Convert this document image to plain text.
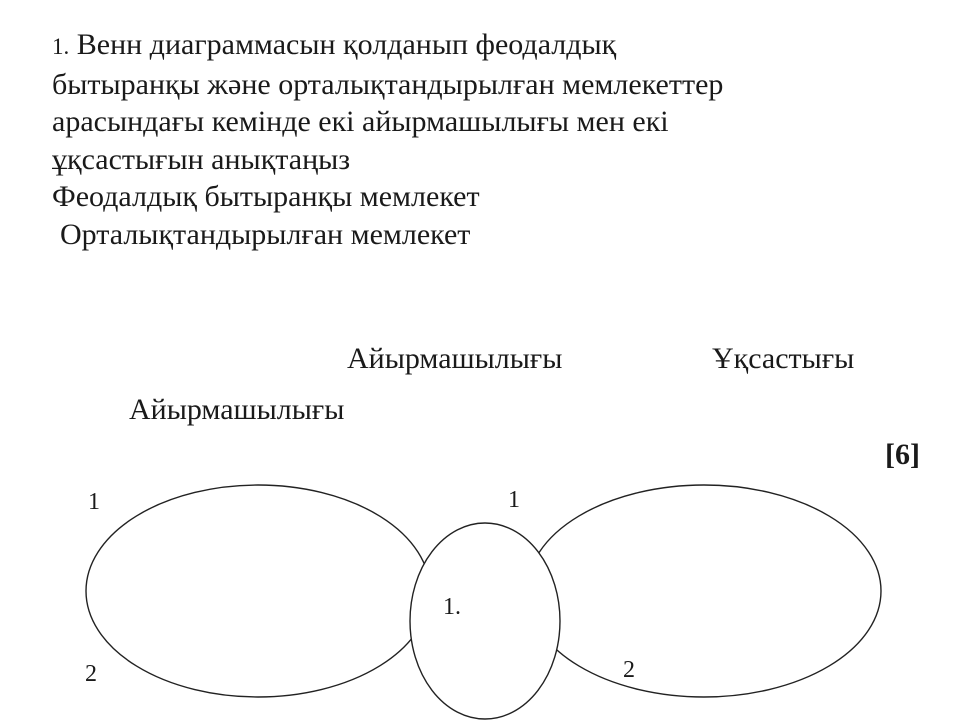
1. Венн диаграммасын қолданып феодалдық
бытыранқы және орталықтандырылған мемлекеттер
арасындағы кемінде екі айырмашылығы мен екі
ұқсастығын анықтаңыз
Феодалдық бытыранқы мемлекет
Орталықтандырылған мемлекет
Айырмашылығы	Ұқсастығы
Айырмашылығы
[6]
1
2
1.
1
2
